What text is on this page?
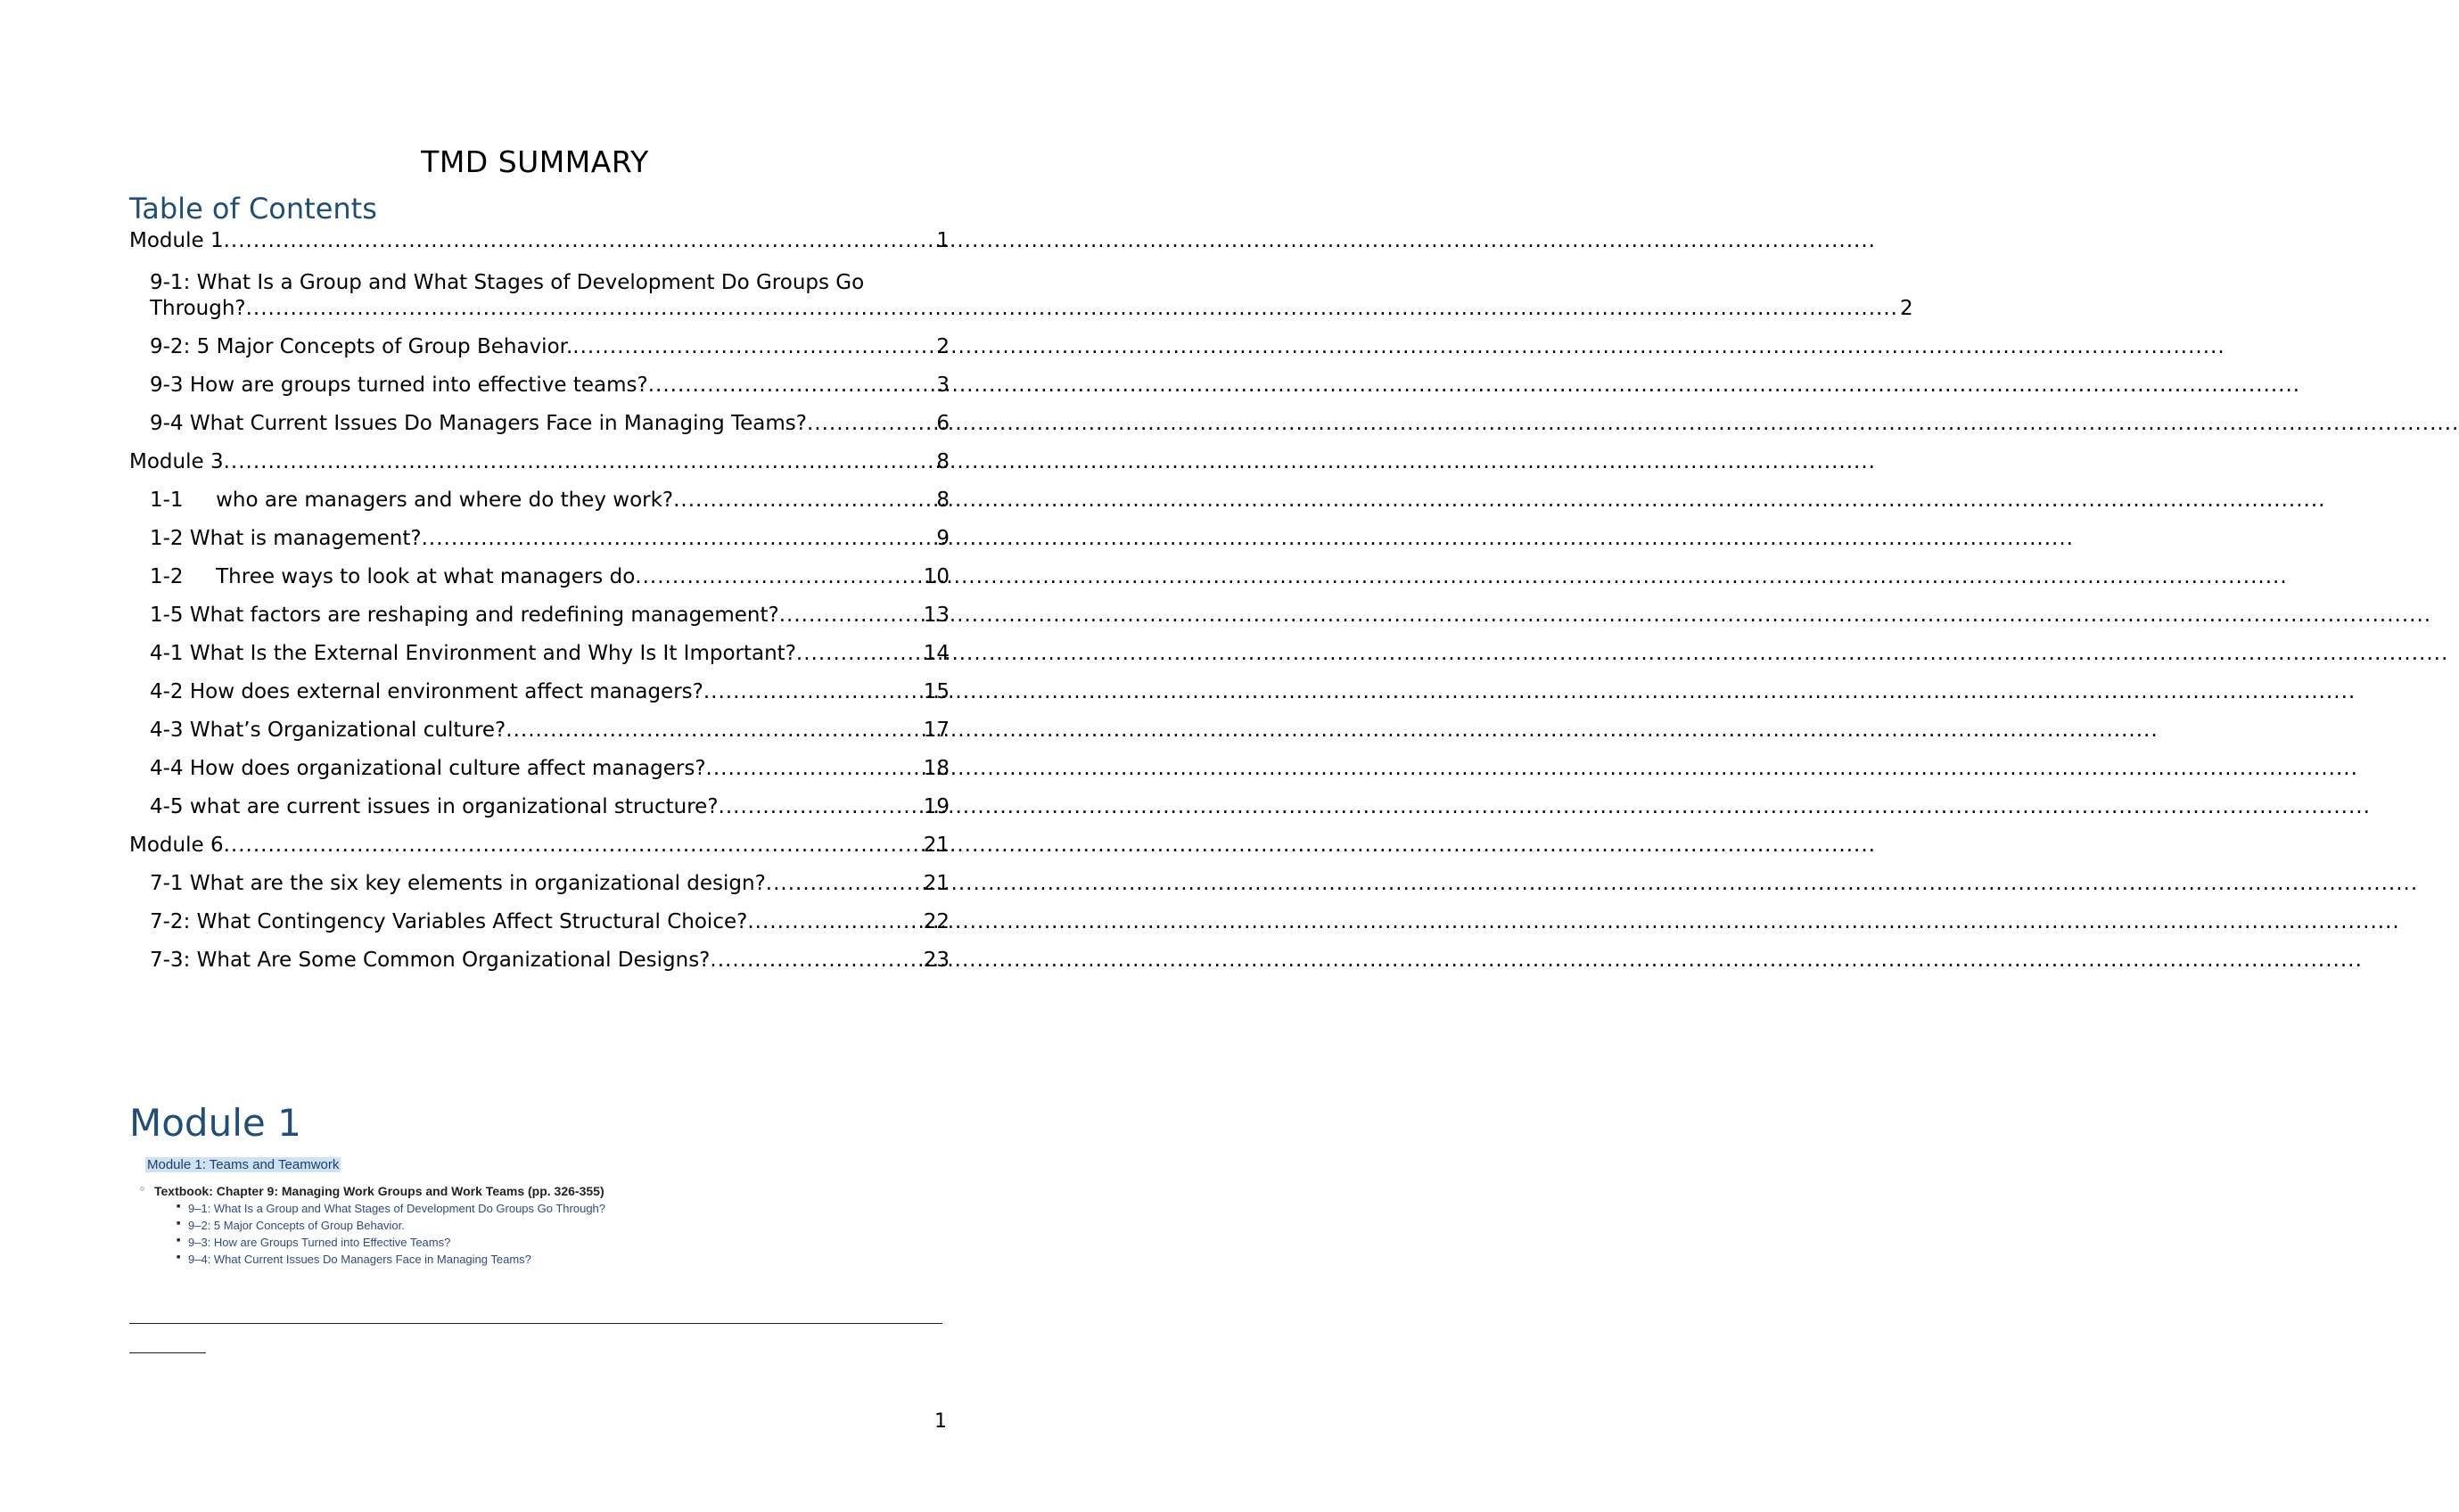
TMD SUMMARY
Table of Contents
Module 1 .....	1
9-1: What Is a Group and What Stages of Development Do Groups Go
Through? .....	2
9-2: 5 Major Concepts of Group Behavior. .....	2
9-3 How are groups turned into effective teams? .....	3
9-4 What Current Issues Do Managers Face in Managing Teams? .....	6
Module 3 .....	8
1-1     who are managers and where do they work? .....	8
1-2 What is management? .....	9
1-2     Three ways to look at what managers do .....	10
1-5 What factors are reshaping and redefining management? .....	13
4-1 What Is the External Environment and Why Is It Important? .....	14
4-2 How does external environment affect managers? .....	15
4-3 What’s Organizational culture? .....	17
4-4 How does organizational culture affect managers? .....	18
4-5 what are current issues in organizational structure? .....	19
Module 6 .....	21
7-1 What are the six key elements in organizational design? .....	21
7-2: What Contingency Variables Affect Structural Choice? .....	22
7-3: What Are Some Common Organizational Designs? .....	23
Module 1
Module 1: Teams and Teamwork
○ Textbook: Chapter 9: Managing Work Groups and Work Teams (pp. 326-355)
■ 9–1: What Is a Group and What Stages of Development Do Groups Go Through?
■ 9–2: 5 Major Concepts of Group Behavior.
■ 9–3: How are Groups Turned into Effective Teams?
■ 9–4: What Current Issues Do Managers Face in Managing Teams?
1
